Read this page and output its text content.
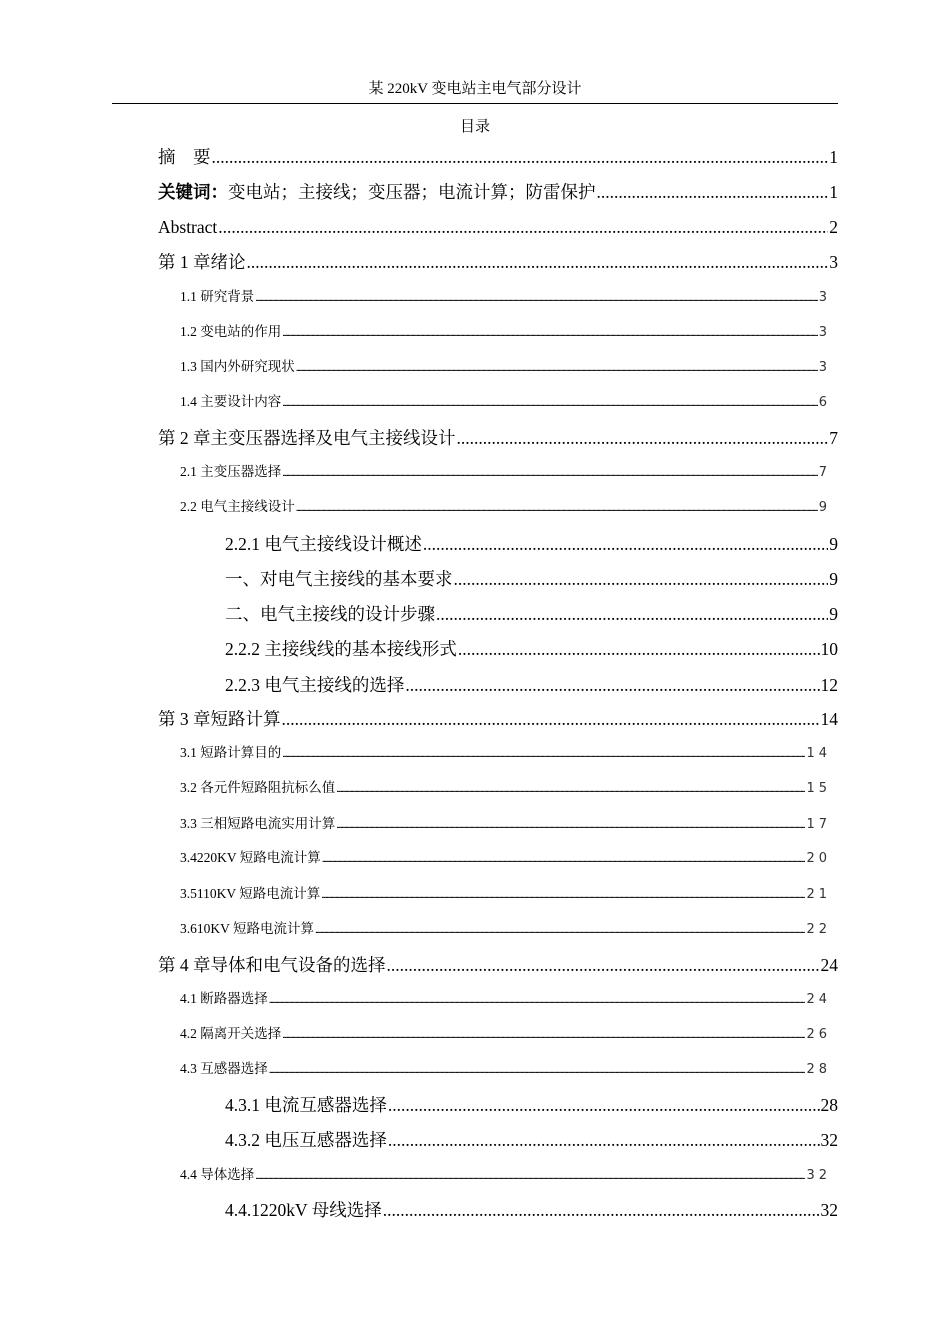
某 220kV 变电站主电气部分设计
目录
摘    要 .....	1
关键词：变电站；主接线；变压器；电流计算；防雷保护 .....	1
Abstract .....	2
第 1 章绪论 .....	3
1.1 研究背景 .....	3
1.2 变电站的作用 .....	3
1.3 国内外研究现状 .....	3
1.4 主要设计内容 .....	6
第 2 章主变压器选择及电气主接线设计 .....	7
2.1 主变压器选择 .....	7
2.2 电气主接线设计 .....	9
2.2.1 电气主接线设计概述 .....	9
一、对电气主接线的基本要求 .....	9
二、电气主接线的设计步骤 .....	9
2.2.2 主接线线的基本接线形式 .....	10
2.2.3 电气主接线的选择 .....	12
第 3 章短路计算 .....	14
3.1 短路计算目的 .....	14
3.2 各元件短路阻抗标么值 .....	15
3.3 三相短路电流实用计算 .....	17
3.4220KV 短路电流计算 .....	20
3.5110KV 短路电流计算 .....	21
3.610KV 短路电流计算 .....	22
第 4 章导体和电气设备的选择 .....	24
4.1 断路器选择 .....	24
4.2 隔离开关选择 .....	26
4.3 互感器选择 .....	28
4.3.1 电流互感器选择 .....	28
4.3.2 电压互感器选择 .....	32
4.4 导体选择 .....	32
4.4.1220kV 母线选择 .....	32
